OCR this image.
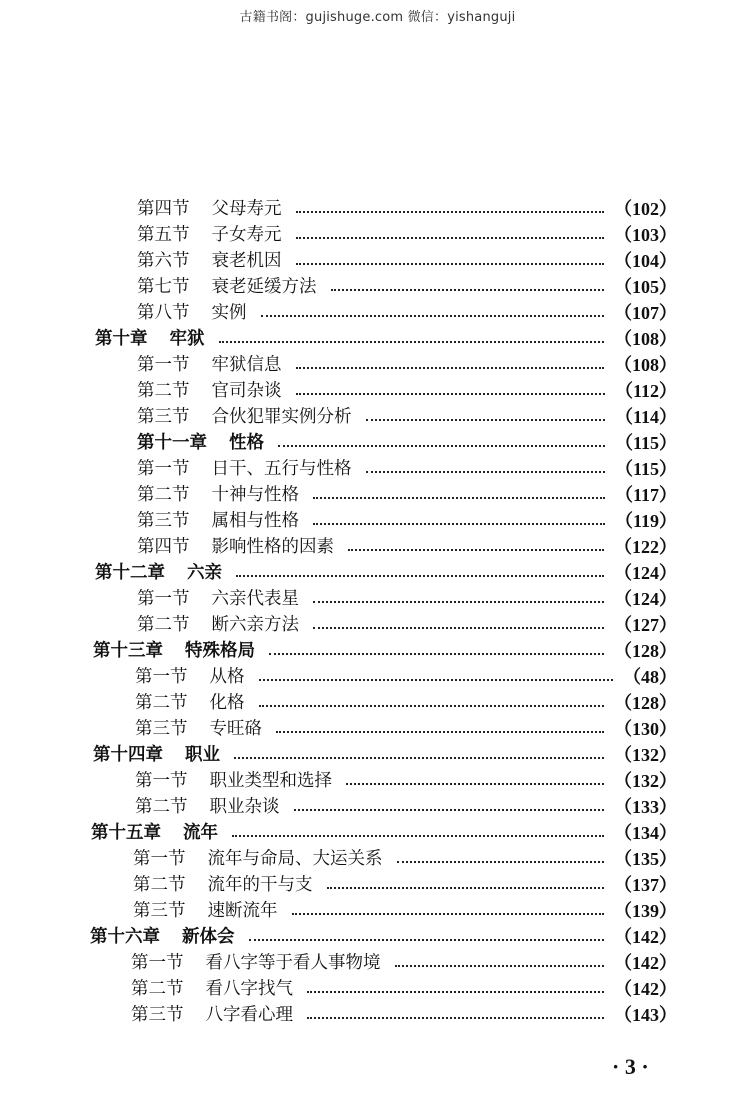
古籍书阁：gujishuge.com 微信：yishanguji
第四节 父母寿元	（102）
第五节 子女寿元	（103）
第六节 衰老机因	（104）
第七节 衰老延缓方法	（105）
第八节 实例	（107）
第十章 牢狱	（108）
第一节 牢狱信息	（108）
第二节 官司杂谈	（112）
第三节 合伙犯罪实例分析	（114）
第十一章 性格	（115）
第一节 日干、五行与性格	（115）
第二节 十神与性格	（117）
第三节 属相与性格	（119）
第四节 影响性格的因素	（122）
第十二章 六亲	（124）
第一节 六亲代表星	（124）
第二节 断六亲方法	（127）
第十三章 特殊格局	（128）
第一节 从格	（48）
第二节 化格	（128）
第三节 专旺硌	（130）
第十四章 职业	（132）
第一节 职业类型和选择	（132）
第二节 职业杂谈	（133）
第十五章 流年	（134）
第一节 流年与命局、大运关系	（135）
第二节 流年的干与支	（137）
第三节 速断流年	（139）
第十六章 新体会	（142）
第一节 看八字等于看人事物境	（142）
第二节 看八字找气	（142）
第三节 八字看心理	（143）
· 3 ·
